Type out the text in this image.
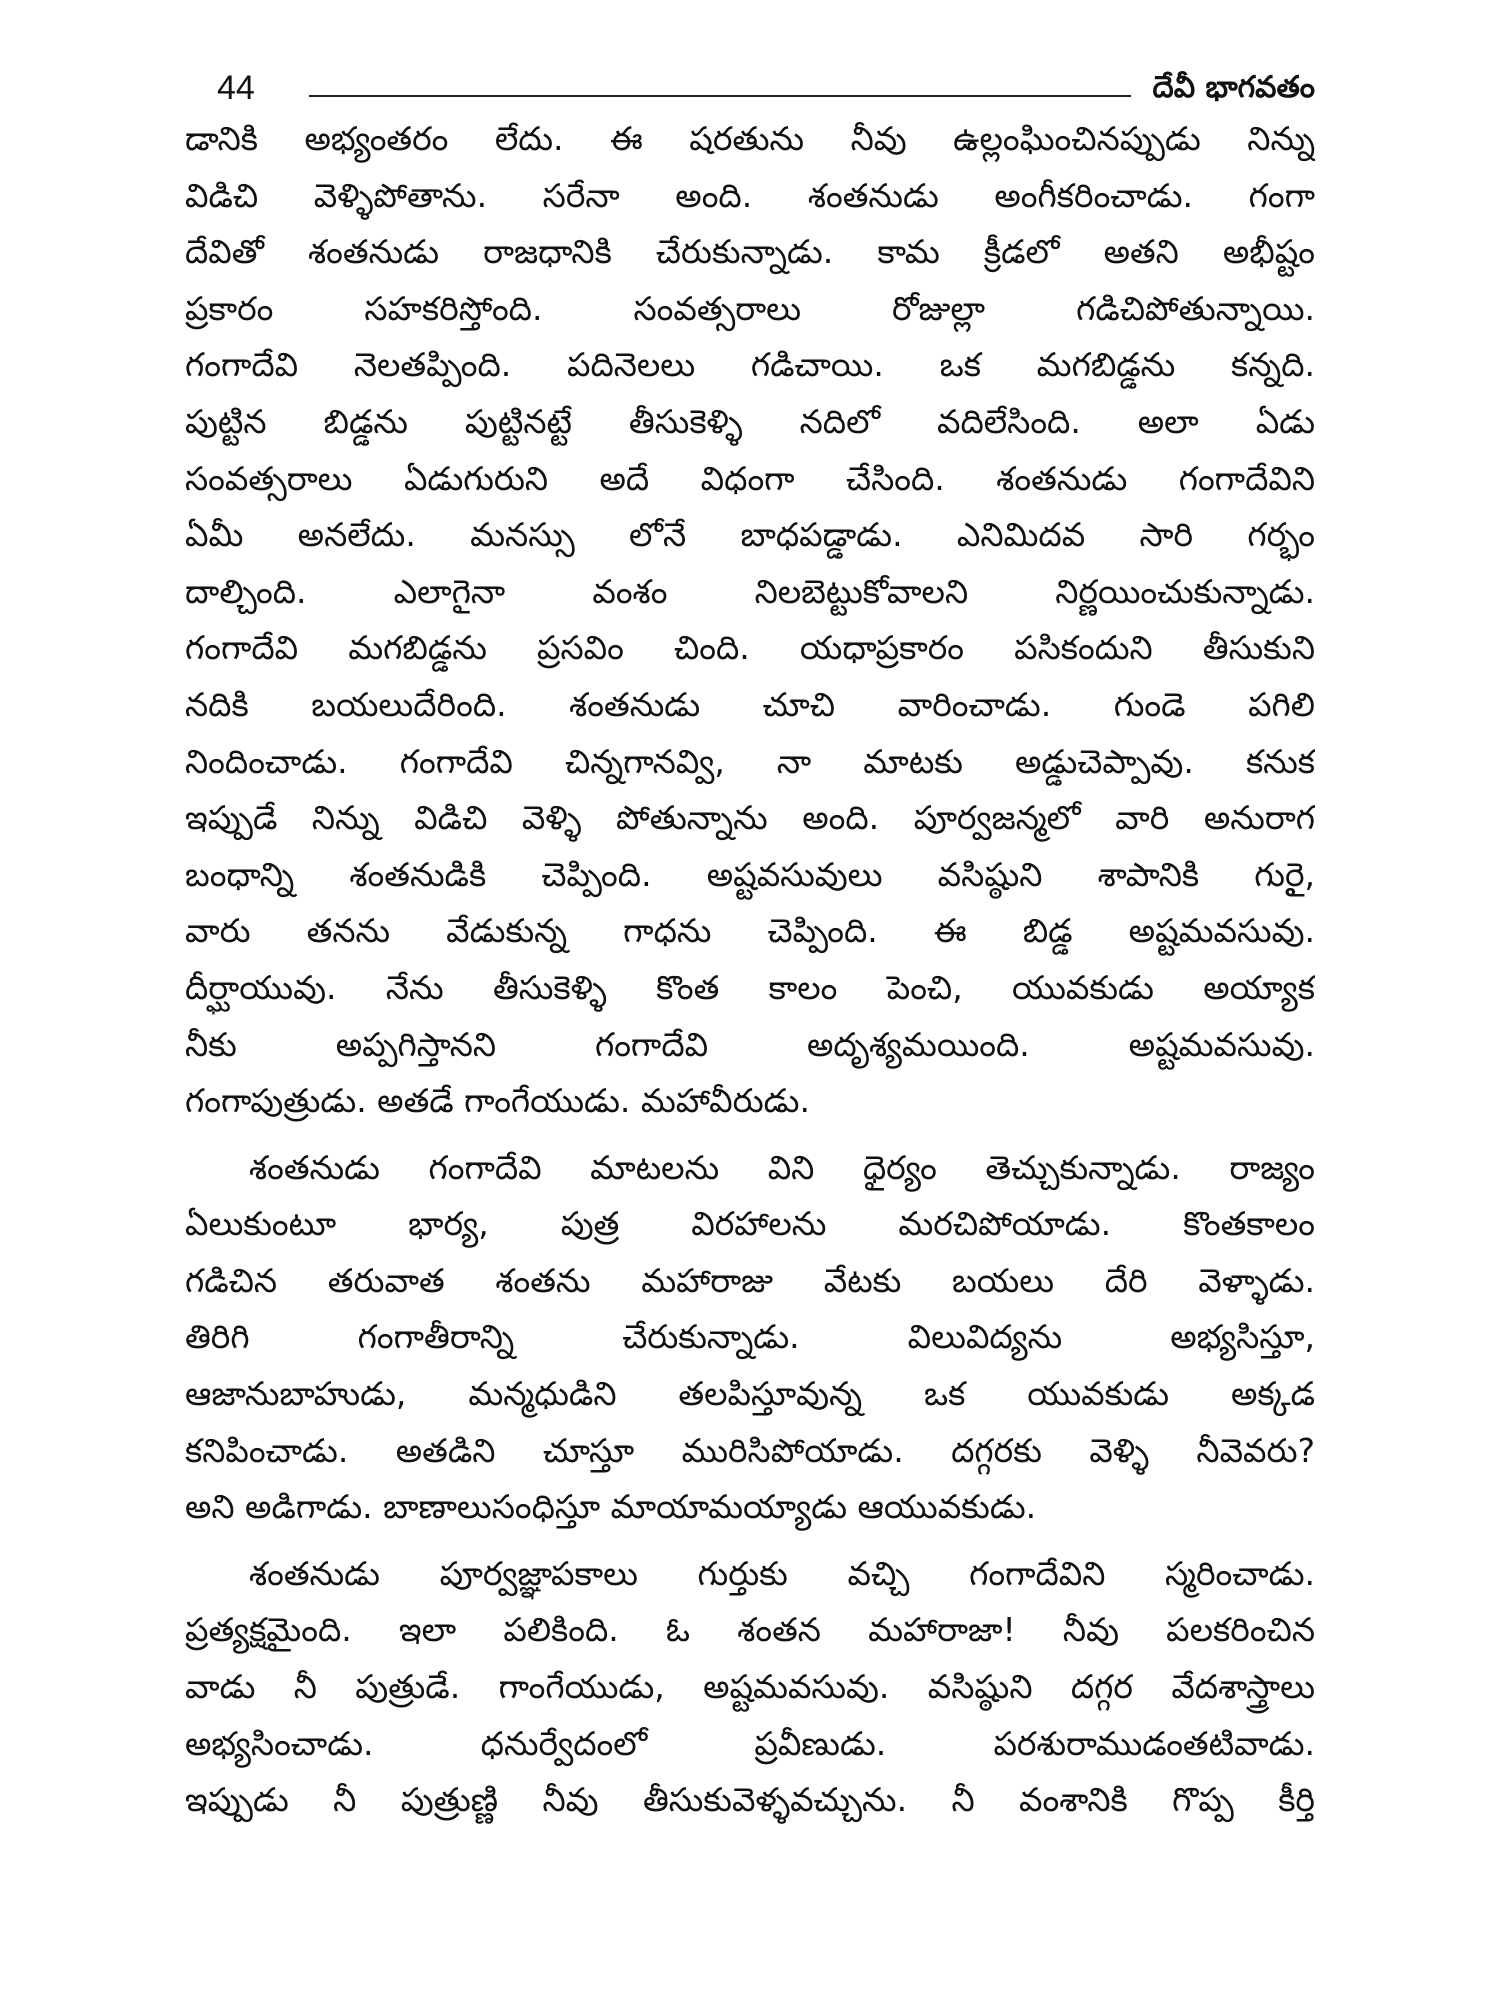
44	దేవీ భాగవతం
డానికి అభ్యంతరం లేదు. ఈ షరతును నీవు ఉల్లంఘించినప్పుడు నిన్ను
విడిచి వెళ్ళిపోతాను. సరేనా అంది. శంతనుడు అంగీకరించాడు. గంగా
దేవితో శంతనుడు రాజధానికి చేరుకున్నాడు. కామ క్రీడలో అతని అభీష్టం
ప్రకారం సహకరిస్తోంది. సంవత్సరాలు రోజుల్లా గడిచిపోతున్నాయి.
గంగాదేవి నెలతప్పింది. పదినెలలు గడిచాయి. ఒక మగబిడ్డను కన్నది.
పుట్టిన బిడ్డను పుట్టినట్టే తీసుకెళ్ళి నదిలో వదిలేసింది. అలా ఏడు
సంవత్సరాలు ఏడుగురుని అదే విధంగా చేసింది. శంతనుడు గంగాదేవిని
ఏమీ అనలేదు. మనస్సు లోనే బాధపడ్డాడు. ఎనిమిదవ సారి గర్భం
దాల్చింది. ఎలాగైనా వంశం నిలబెట్టుకోవాలని నిర్ణయించుకున్నాడు.
గంగాదేవి మగబిడ్డను ప్రసవిం చింది. యధాప్రకారం పసికందుని తీసుకుని
నదికి బయలుదేరింది. శంతనుడు చూచి వారించాడు. గుండె పగిలి
నిందించాడు. గంగాదేవి చిన్నగానవ్వి, నా మాటకు అడ్డుచెప్పావు. కనుక
ఇప్పుడే నిన్ను విడిచి వెళ్ళి పోతున్నాను అంది. పూర్వజన్మలో వారి అనురాగ
బంధాన్ని శంతనుడికి చెప్పింది. అష్టవసువులు వసిష్ఠుని శాపానికి గురైౖ,
వారు తనను వేడుకున్న గాధను చెప్పింది. ఈ బిడ్డ అష్టమవసువు.
దీర్ఘాయువు. నేను తీసుకెళ్ళి కొంత కాలం పెంచి, యువకుడు అయ్యాక
నీకు అప్పగిస్తానని గంగాదేవి అదృశ్యమయింది. అష్టమవసువు.
గంగాపుత్రుడు. అతడే గాంగేయుడు. మహావీరుడు.
శంతనుడు గంగాదేవి మాటలను విని ధైర్యం తెచ్చుకున్నాడు. రాజ్యం
ఏలుకుంటూ భార్య, పుత్ర విరహాలను మరచిపోయాడు. కొంతకాలం
గడిచిన తరువాత శంతను మహారాజు వేటకు బయలు దేరి వెళ్ళాడు.
తిరిగి గంగాతీరాన్ని చేరుకున్నాడు. విలువిద్యను అభ్యసిస్తూ,
ఆజానుబాహుడు, మన్మధుడిని తలపిస్తూవున్న ఒక యువకుడు అక్కడ
కనిపించాడు. అతడిని చూస్తూ మురిసిపోయాడు. దగ్గరకు వెళ్ళి నీవెవరు?
అని అడిగాడు. బాణాలుసంధిస్తూ మాయామయ్యాడు ఆయువకుడు.
శంతనుడు పూర్వజ్ఞాపకాలు గుర్తుకు వచ్చి గంగాదేవిని స్మరించాడు.
ప్రత్యక్షమైంది. ఇలా పలికింది. ఓ శంతన మహారాజా! నీవు పలకరించిన
వాడు నీ పుత్రుడే. గాంగేయుడు, అష్టమవసువు. వసిష్ఠుని దగ్గర వేదశాస్త్రాలు
అభ్యసించాడు. ధనుర్వేదంలో ప్రవీణుడు. పరశురాముడంతటివాడు.
ఇప్పుడు నీ పుత్రుణ్ణి నీవు తీసుకువెళ్ళవచ్చును. నీ వంశానికి గొప్ప కీర్తి
